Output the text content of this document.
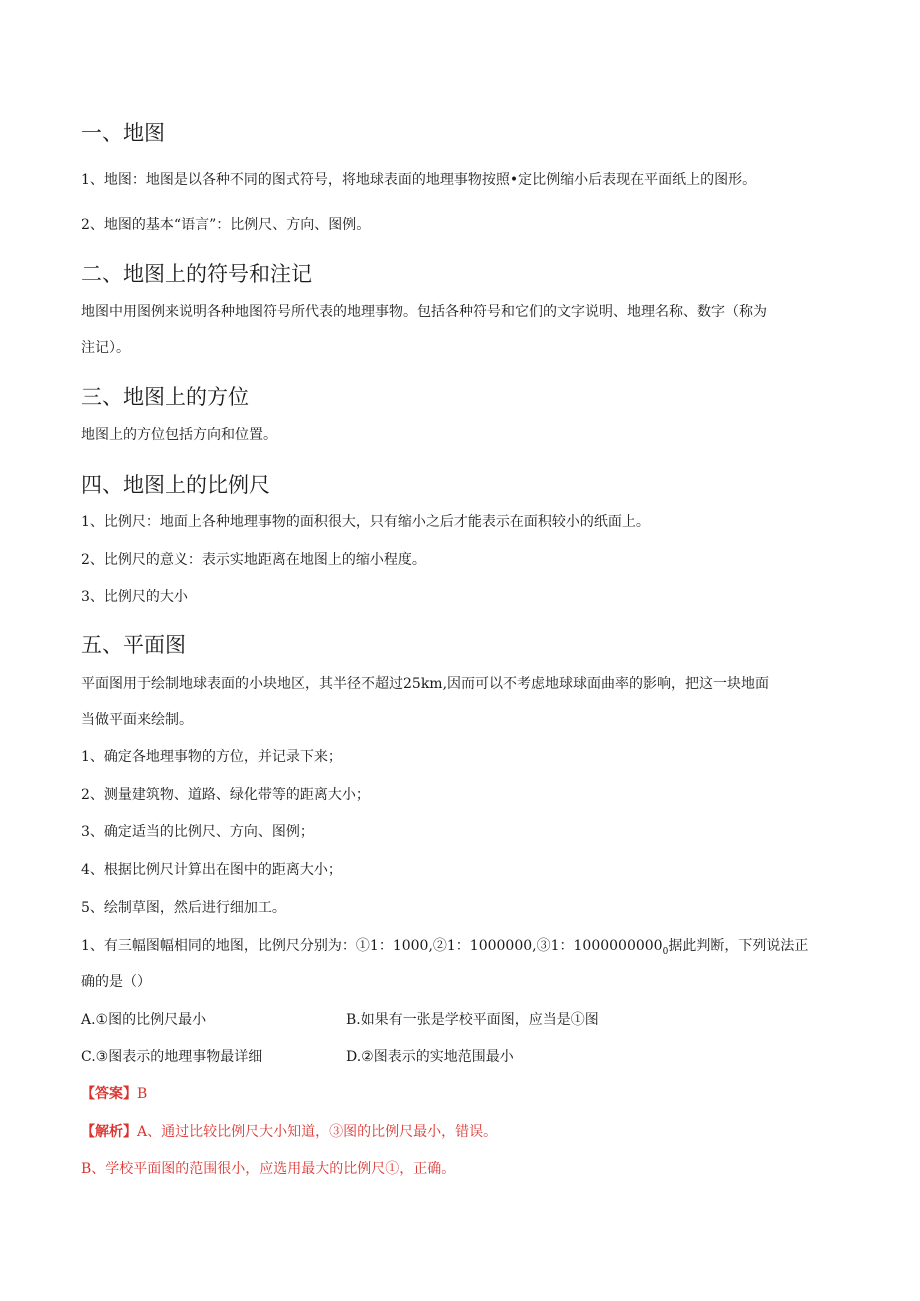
一、地图
1、地图：地图是以各种不同的图式符号，将地球表面的地理事物按照•定比例缩小后表现在平面纸上的图形。
2、地图的基本“语言”：比例尺、方向、图例。
二、地图上的符号和注记
地图中用图例来说明各种地图符号所代表的地理事物。包括各种符号和它们的文字说明、地理名称、数字（称为
注记）。
三、地图上的方位
地图上的方位包括方向和位置。
四、地图上的比例尺
1、比例尺：地面上各种地理事物的面积很大，只有缩小之后才能表示在面积较小的纸面上。
2、比例尺的意义：表示实地距离在地图上的缩小程度。
3、比例尺的大小
五、平面图
平面图用于绘制地球表面的小块地区，其半径不超过25km,因而可以不考虑地球球面曲率的影响，把这一块地面
当做平面来绘制。
1、确定各地理事物的方位，并记录下来；
2、测量建筑物、道路、绿化带等的距离大小；
3、确定适当的比例尺、方向、图例；
4、根据比例尺计算出在图中的距离大小；
5、绘制草图，然后进行细加工。
1、有三幅图幅相同的地图，比例尺分别为：①1：1000,②1：1000000,③1：$1000000000_0$据此判断，下列说法正
确的是（）
A.①图的比例尺最小	B.如果有一张是学校平面图，应当是①图
C.③图表示的地理事物最详细	D.②图表示的实地范围最小
【答案】B
【解析】A、通过比较比例尺大小知道，③图的比例尺最小，错误。
B、学校平面图的范围很小，应选用最大的比例尺①，正确。
